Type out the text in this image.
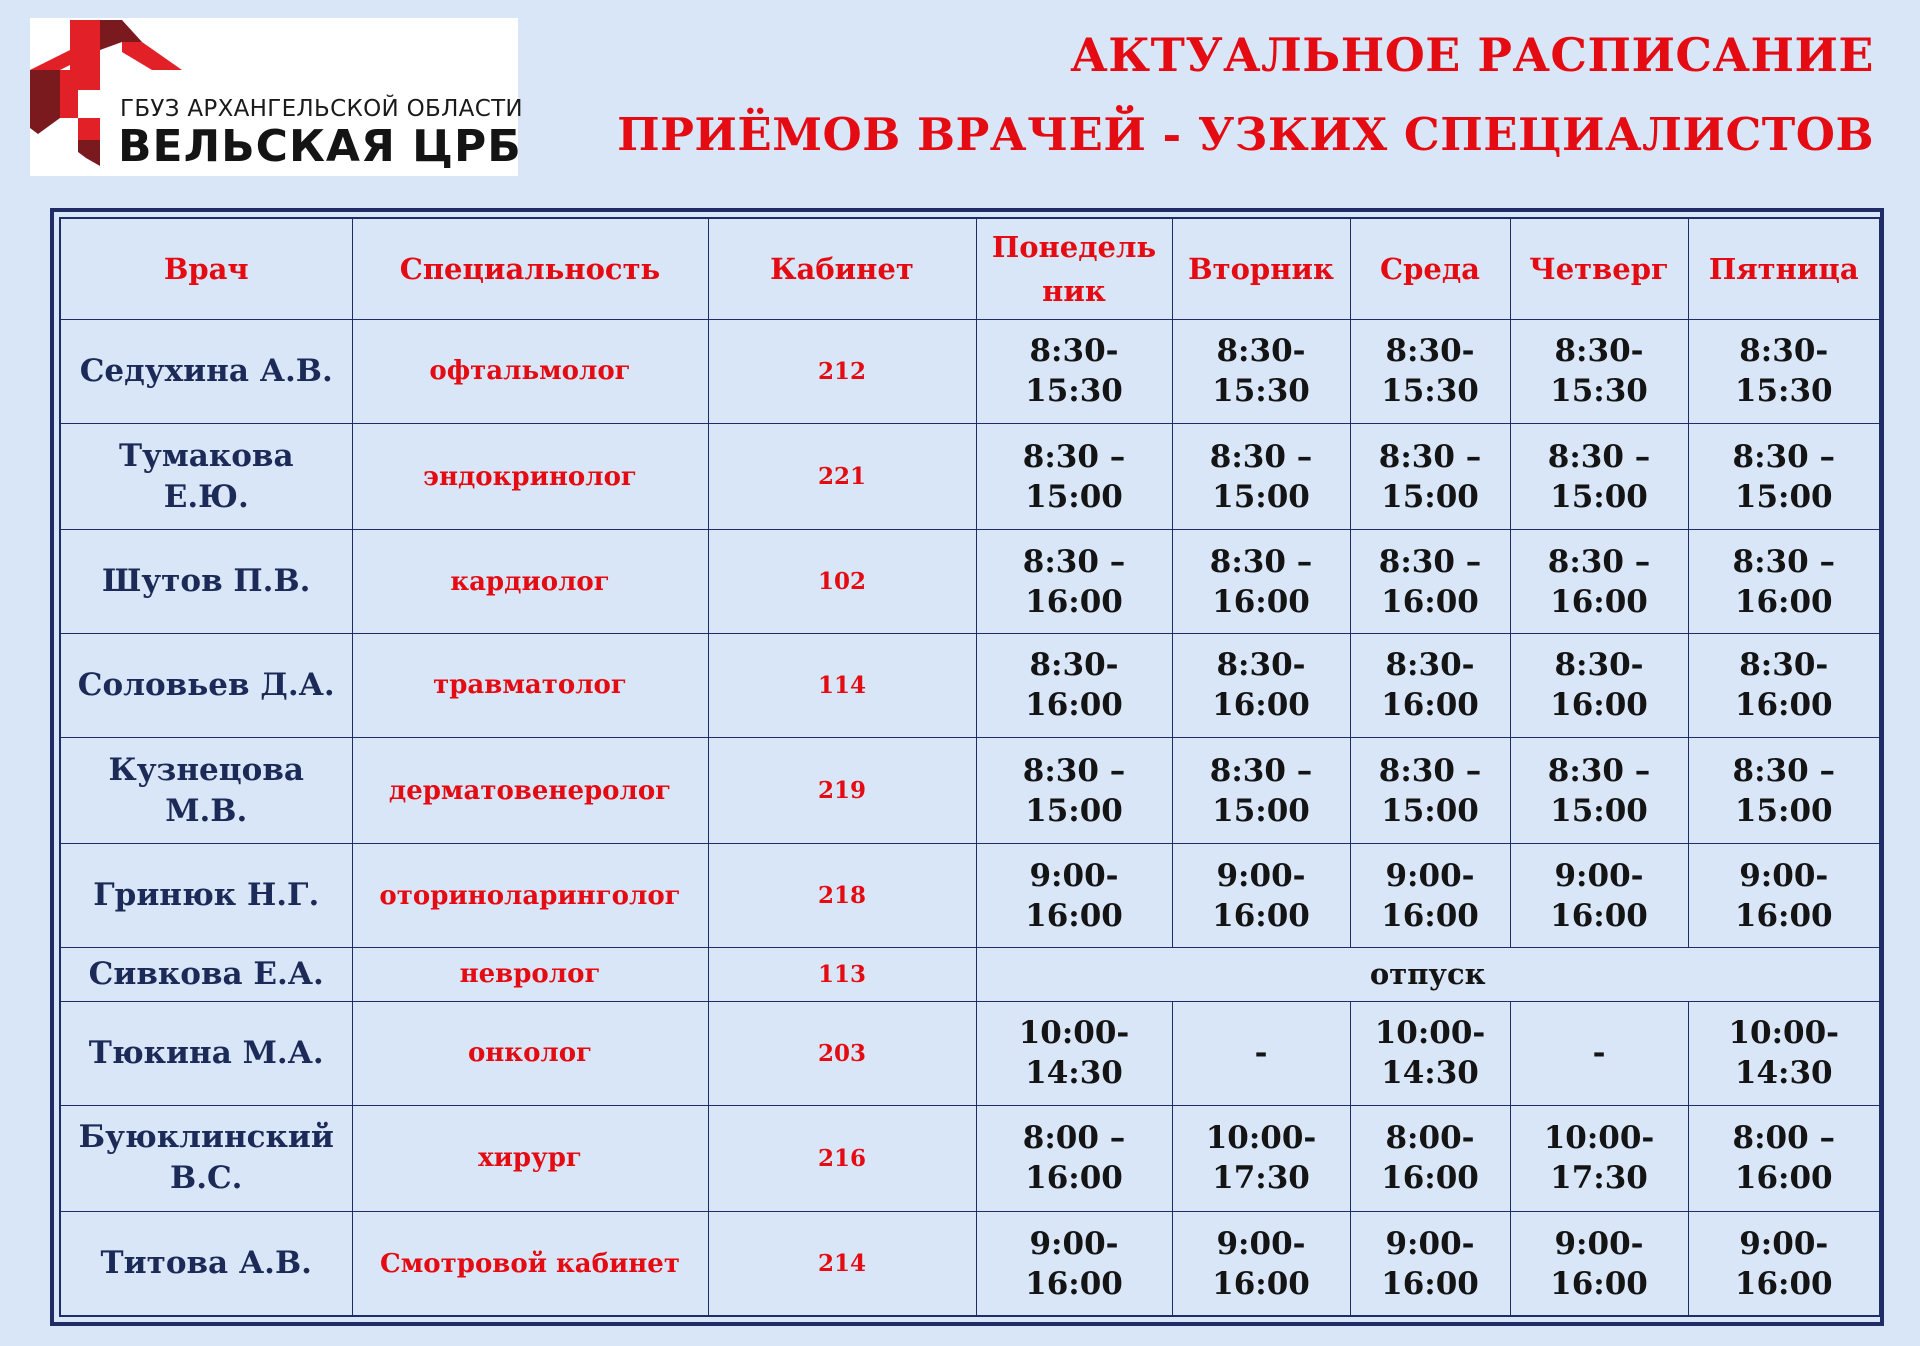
ГБУЗ АРХАНГЕЛЬСКОЙ ОБЛАСТИ
ВЕЛЬСКАЯ ЦРБ
АКТУАЛЬНОЕ РАСПИСАНИЕ
ПРИЁМОВ ВРАЧЕЙ - УЗКИХ СПЕЦИАЛИСТОВ
Врач	Специальность	Кабинет	Понедель
ник	Вторник	Среда	Четверг	Пятница

Седухина А.В.	офтальмолог	212	8:30-
15:30	8:30-
15:30	8:30-
15:30	8:30-
15:30	8:30-
15:30

Тумакова
Е.Ю.	эндокринолог	221	8:30 –
15:00	8:30 –
15:00	8:30 –
15:00	8:30 –
15:00	8:30 –
15:00

Шутов П.В.	кардиолог	102	8:30 –
16:00	8:30 –
16:00	8:30 –
16:00	8:30 –
16:00	8:30 –
16:00

Соловьев Д.А.	травматолог	114	8:30-
16:00	8:30-
16:00	8:30-
16:00	8:30-
16:00	8:30-
16:00

Кузнецова
М.В.	дерматовенеролог	219	8:30 –
15:00	8:30 –
15:00	8:30 –
15:00	8:30 –
15:00	8:30 –
15:00

Гринюк Н.Г.	оториноларинголог	218	9:00-
16:00	9:00-
16:00	9:00-
16:00	9:00-
16:00	9:00-
16:00

Сивкова Е.А.	невролог	113	отпуск				

Тюкина М.А.	онколог	203	10:00-
14:30	-	10:00-
14:30	-	10:00-
14:30

Буюклинский
В.С.	хирург	216	8:00 –
16:00	10:00-
17:30	8:00-
16:00	10:00-
17:30	8:00 –
16:00

Титова А.В.	Смотровой кабинет	214	9:00-
16:00	9:00-
16:00	9:00-
16:00	9:00-
16:00	9:00-
16:00
